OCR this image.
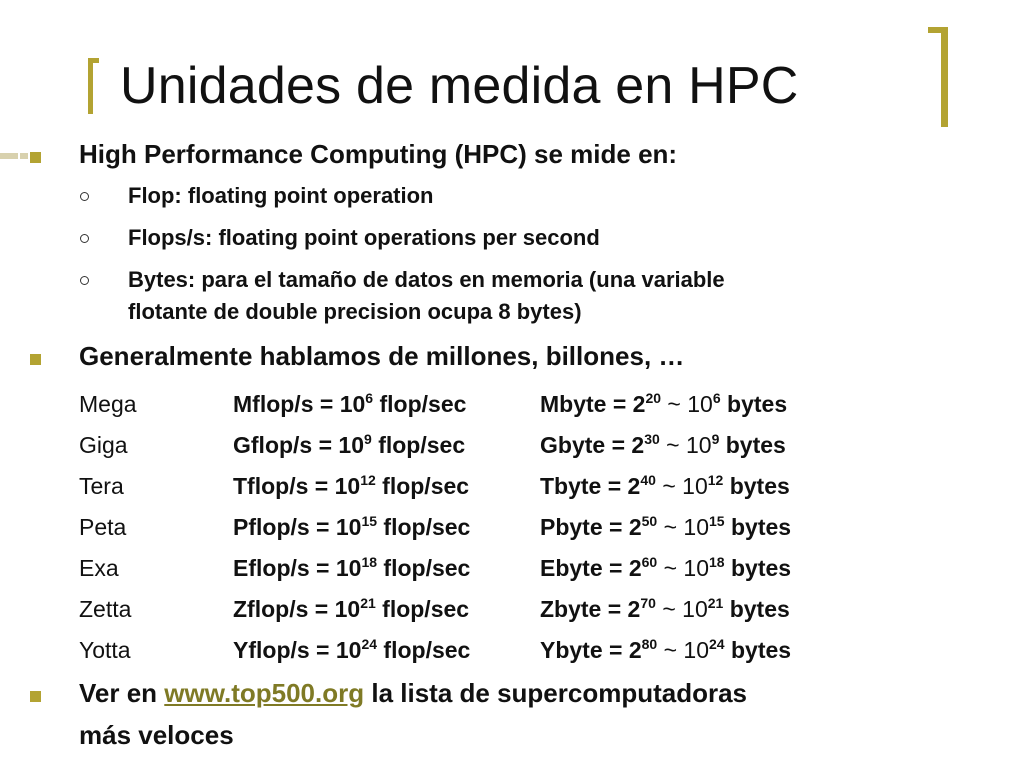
Unidades de medida en HPC
High Performance Computing (HPC) se mide en:
Flop: floating point operation
Flops/s: floating point operations per second
Bytes: para el tamaño de datos en memoria (una variable
flotante de double precision ocupa 8 bytes)
Generalmente hablamos de millones, billones, …
Mega	Mflop/s = $10^6$ flop/sec	Mbyte = $2^{20}$ ~ $10^6$ bytes
Giga	Gflop/s = $10^9$ flop/sec	Gbyte = $2^{30}$ ~ $10^9$ bytes
Tera	Tflop/s = $10^{12}$ flop/sec	Tbyte = $2^{40}$ ~ $10^{12}$ bytes
Peta	Pflop/s = $10^{15}$ flop/sec	Pbyte = $2^{50}$ ~ $10^{15}$ bytes
Exa	Eflop/s = $10^{18}$ flop/sec	Ebyte = $2^{60}$ ~ $10^{18}$ bytes
Zetta	Zflop/s = $10^{21}$ flop/sec	Zbyte = $2^{70}$ ~ $10^{21}$ bytes
Yotta	Yflop/s = $10^{24}$ flop/sec	Ybyte = $2^{80}$ ~ $10^{24}$ bytes
Ver en www.top500.org la lista de supercomputadoras
más veloces
